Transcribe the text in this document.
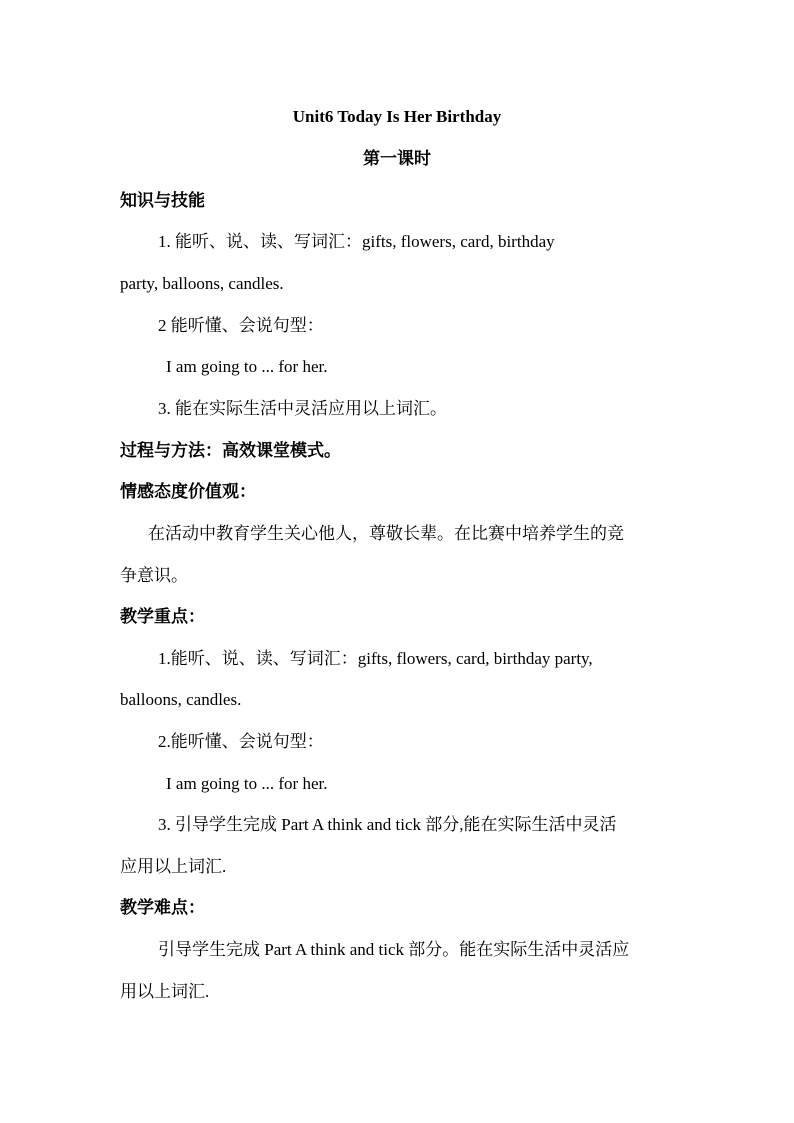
Unit6 Today Is Her Birthday
第一课时
知识与技能
1. 能听、说、读、写词汇：gifts, flowers, card, birthday
party, balloons, candles.
2 能听懂、会说句型：
I am going to ... for her.
3. 能在实际生活中灵活应用以上词汇。
过程与方法：高效课堂模式。
情感态度价值观：
在活动中教育学生关心他人，尊敬长辈。在比赛中培养学生的竞
争意识。
教学重点：
1.能听、说、读、写词汇：gifts, flowers, card, birthday party,
balloons, candles.
2.能听懂、会说句型：
I am going to ... for her.
3. 引导学生完成 Part A think and tick 部分,能在实际生活中灵活
应用以上词汇.
教学难点：
引导学生完成 Part A think and tick 部分。能在实际生活中灵活应
用以上词汇.
